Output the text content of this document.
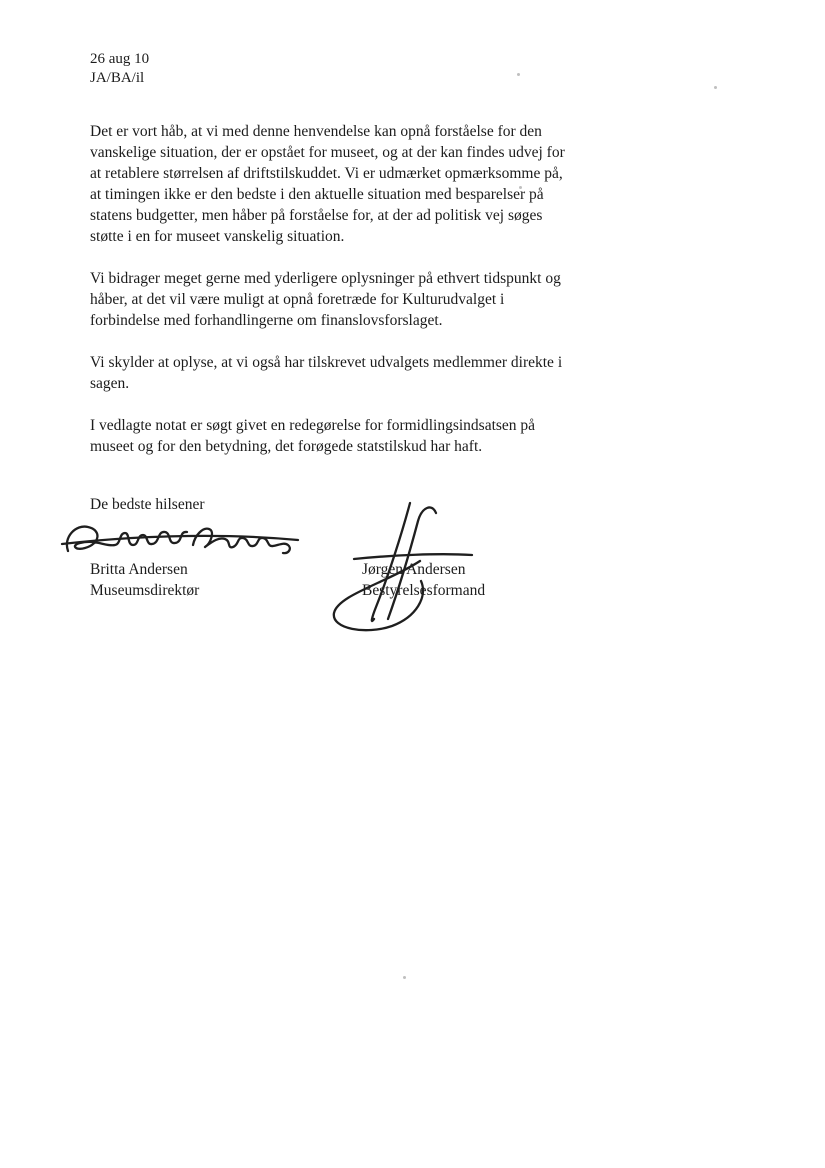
26 aug 10
JA/BA/il

Det er vort håb, at vi med denne henvendelse kan opnå forståelse for den vanskelige situation, der er opstået for museet, og at der kan findes udvej for at retablere størrelsen af driftstilskuddet. Vi er udmærket opmærksomme på, at timingen ikke er den bedste i den aktuelle situation med besparelser på statens budgetter, men håber på forståelse for, at der ad politisk vej søges støtte i en for museet vanskelig situation.

Vi bidrager meget gerne med yderligere oplysninger på ethvert tidspunkt og håber, at det vil være muligt at opnå foretræde for Kulturudvalget i forbindelse med forhandlingerne om finanslovsforslaget.

Vi skylder at oplyse, at vi også har tilskrevet udvalgets medlemmer direkte i sagen.

I vedlagte notat er søgt givet en redegørelse for formidlingsindsatsen på museet og for den betydning, det forøgede statstilskud har haft.

De bedste hilsener

Britta Andersen
Museumsdirektør
Jørgen Andersen
Bestyrelsesformand
